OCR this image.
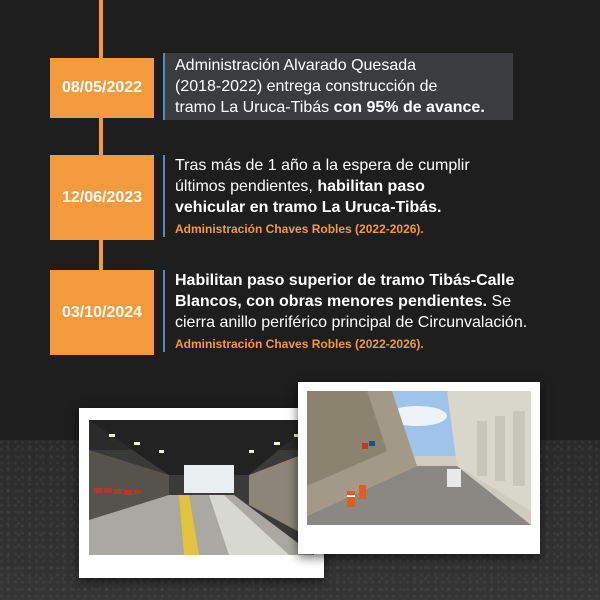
08/05/2022
Administración Alvarado Quesada
(2018-2022) entrega construcción de
tramo La Uruca-Tibás con 95% de avance.
12/06/2023
Tras más de 1 año a la espera de cumplir
últimos pendientes, habilitan paso
vehicular en tramo La Uruca-Tibás.
Administración Chaves Robles (2022-2026).
03/10/2024
Habilitan paso superior de tramo Tibás-Calle
Blancos, con obras menores pendientes. Se
cierra anillo periférico principal de Circunvalación.
Administración Chaves Robles (2022-2026).
